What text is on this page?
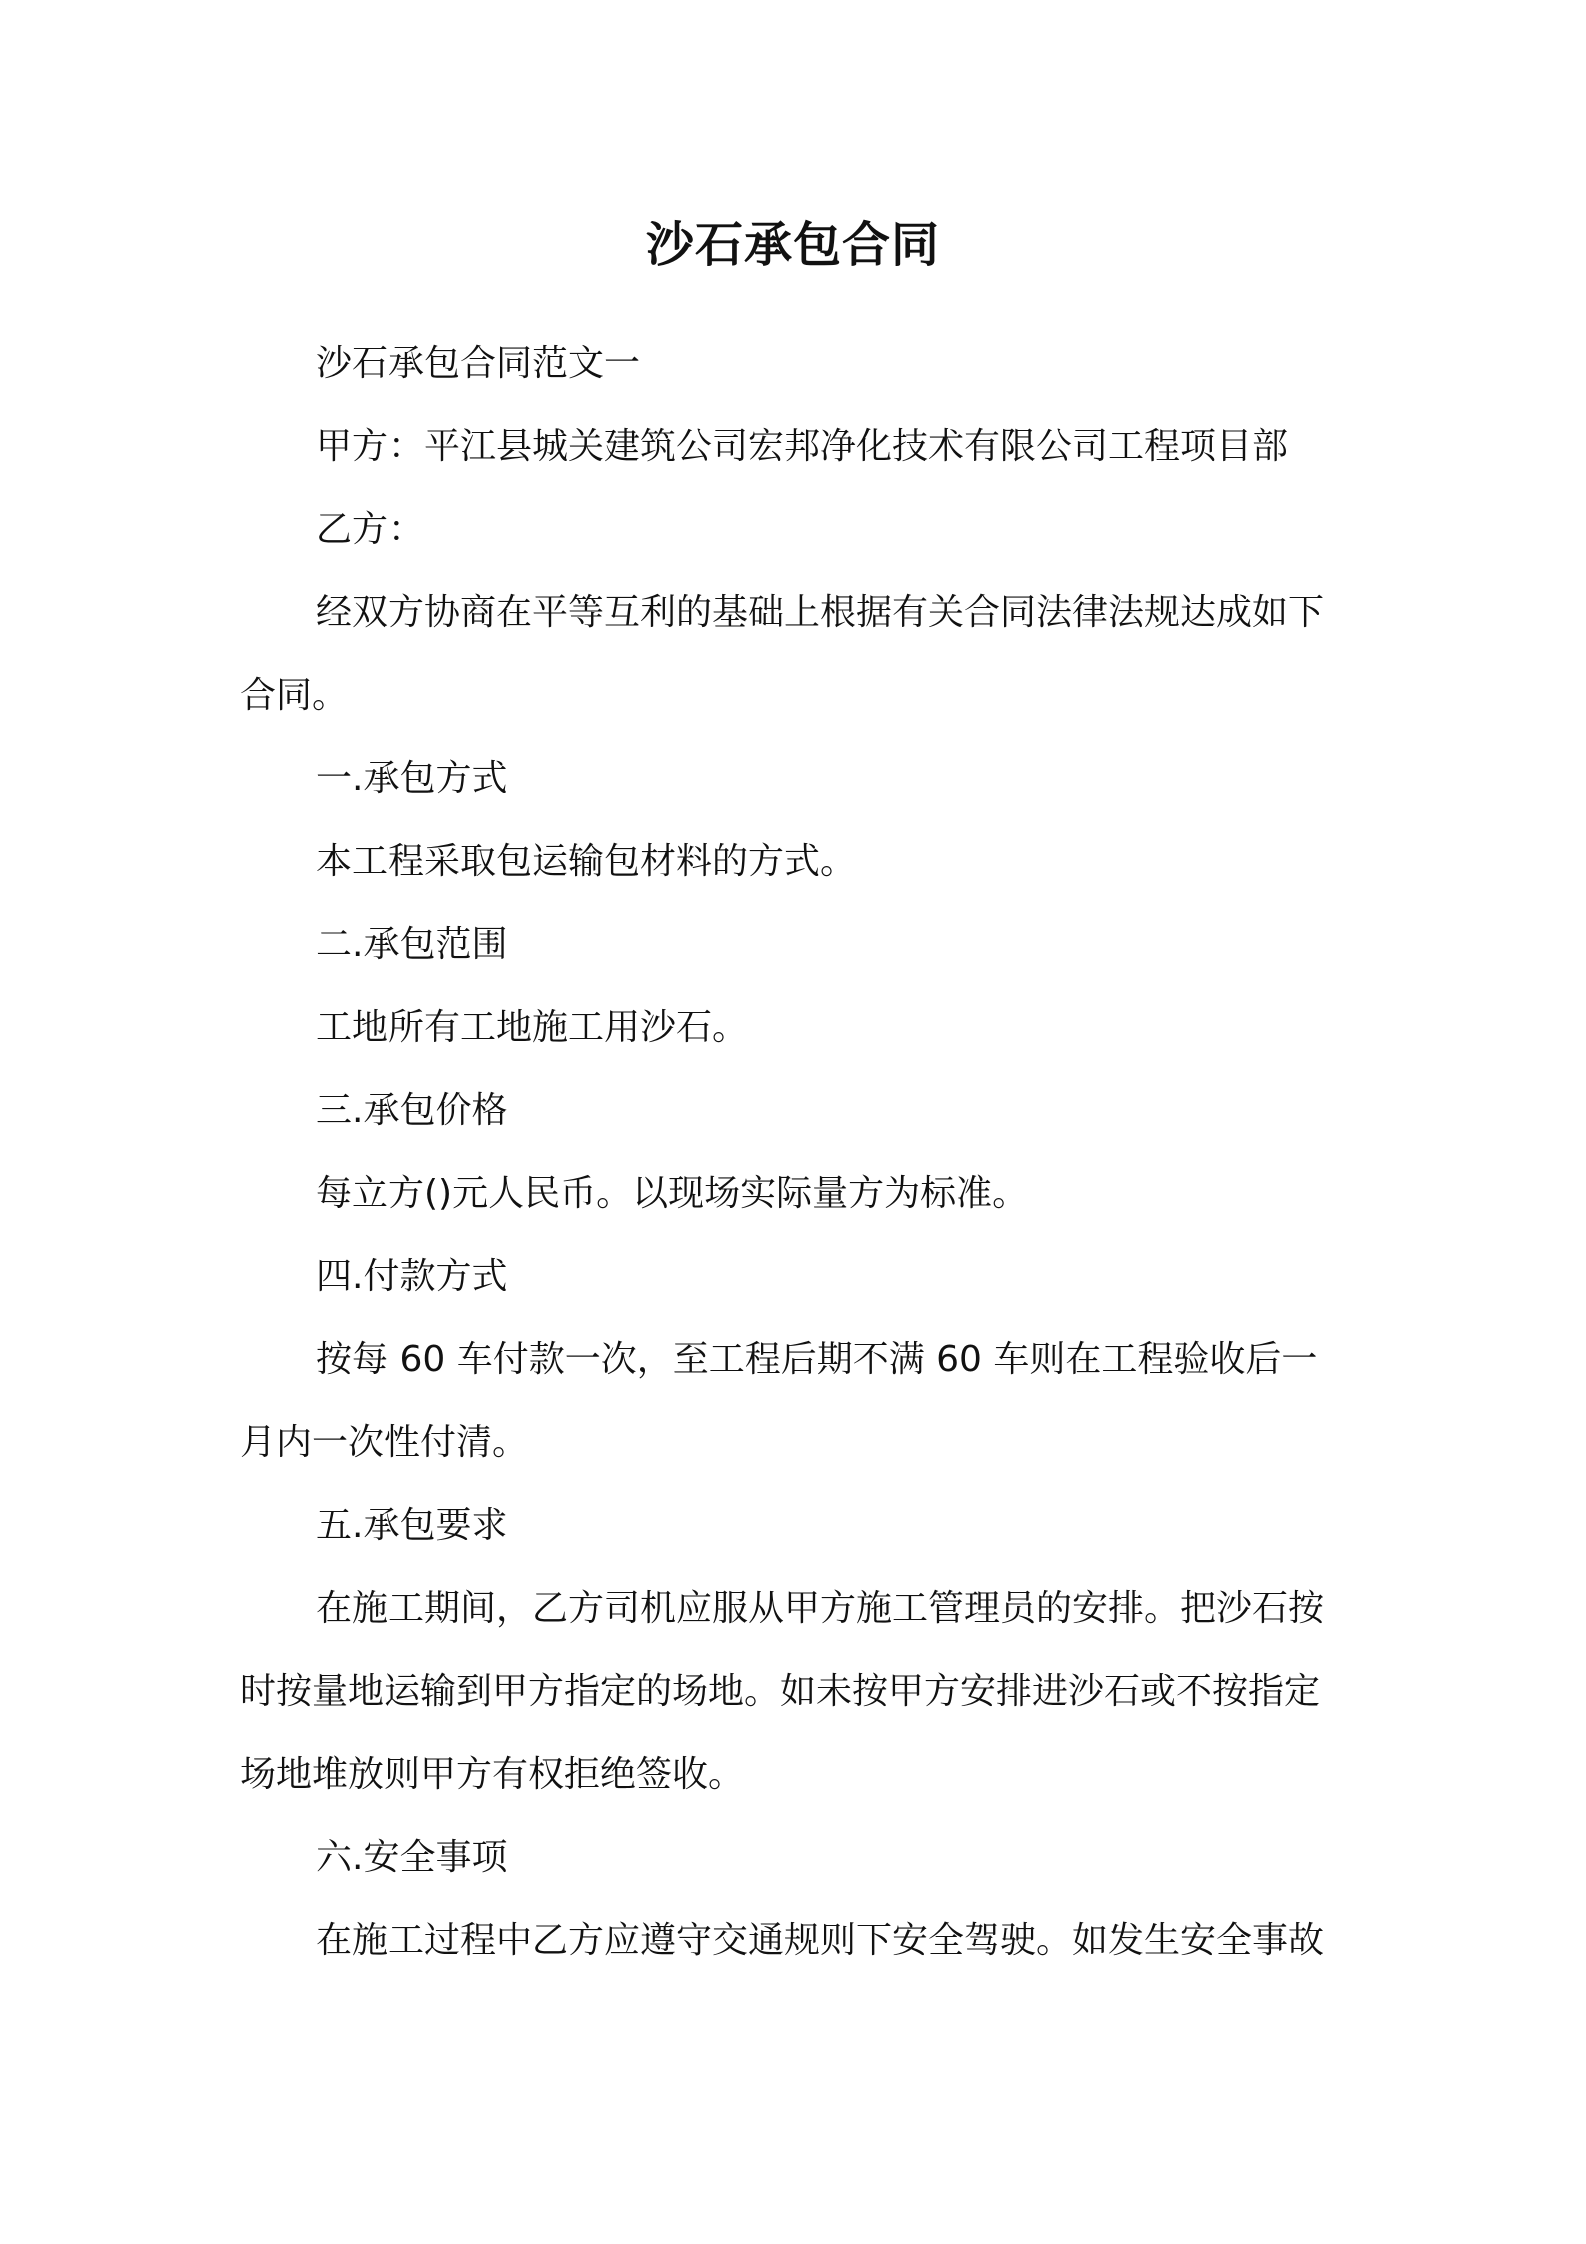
沙石承包合同

沙石承包合同范文一

甲方：平江县城关建筑公司宏邦净化技术有限公司工程项目部

乙方：

经双方协商在平等互利的基础上根据有关合同法律法规达成如下合同。

一.承包方式

本工程采取包运输包材料的方式。

二.承包范围

工地所有工地施工用沙石。

三.承包价格

每立方()元人民币。以现场实际量方为标准。

四.付款方式

按每 60 车付款一次，至工程后期不满 60 车则在工程验收后一月内一次性付清。

五.承包要求

在施工期间，乙方司机应服从甲方施工管理员的安排。把沙石按时按量地运输到甲方指定的场地。如未按甲方安排进沙石或不按指定场地堆放则甲方有权拒绝签收。

六.安全事项

在施工过程中乙方应遵守交通规则下安全驾驶。如发生安全事故
